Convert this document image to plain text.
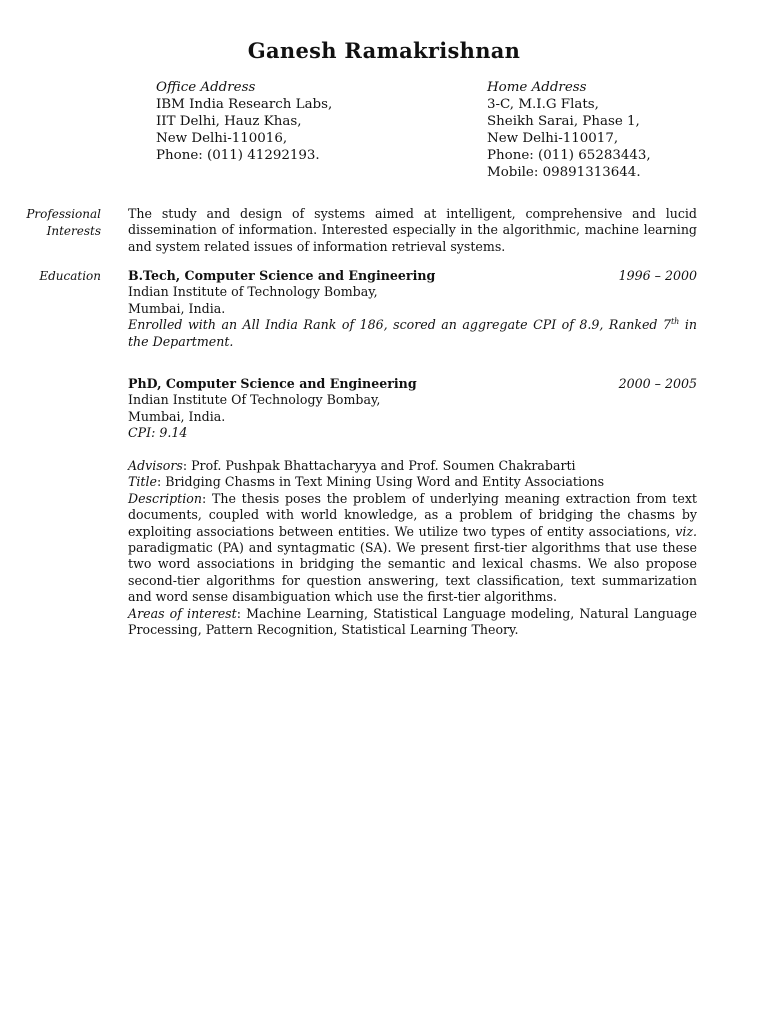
Ganesh Ramakrishnan
Office Address
IBM India Research Labs,
IIT Delhi, Hauz Khas,
New Delhi-110016,
Phone: (011) 41292193.
Home Address
3-C, M.I.G Flats,
Sheikh Sarai, Phase 1,
New Delhi-110017,
Phone: (011) 65283443,
Mobile: 09891313644.
Professional
Interests
The study and design of systems aimed at intelligent, comprehensive and lucid dissemination of information. Interested especially in the algorithmic, machine learning and system related issues of information retrieval systems.
Education B.Tech, Computer Science and Engineering	1996 – 2000
Indian Institute of Technology Bombay,
Mumbai, India.
Enrolled with an All India Rank of 186, scored an aggregate CPI of 8.9, Ranked 7th in the Department.
PhD, Computer Science and Engineering	2000 – 2005
Indian Institute Of Technology Bombay,
Mumbai, India.
CPI: 9.14
Advisors: Prof. Pushpak Bhattacharyya and Prof. Soumen Chakrabarti
Title: Bridging Chasms in Text Mining Using Word and Entity Associations
Description: The thesis poses the problem of underlying meaning extraction from text documents, coupled with world knowledge, as a problem of bridging the chasms by exploiting associations between entities. We utilize two types of entity associations, viz. paradigmatic (PA) and syntagmatic (SA). We present first-tier algorithms that use these two word associations in bridging the semantic and lexical chasms. We also propose second-tier algorithms for question answering, text classification, text summarization and word sense disambiguation which use the first-tier algorithms.
Areas of interest: Machine Learning, Statistical Language modeling, Natural Language Processing, Pattern Recognition, Statistical Learning Theory.
